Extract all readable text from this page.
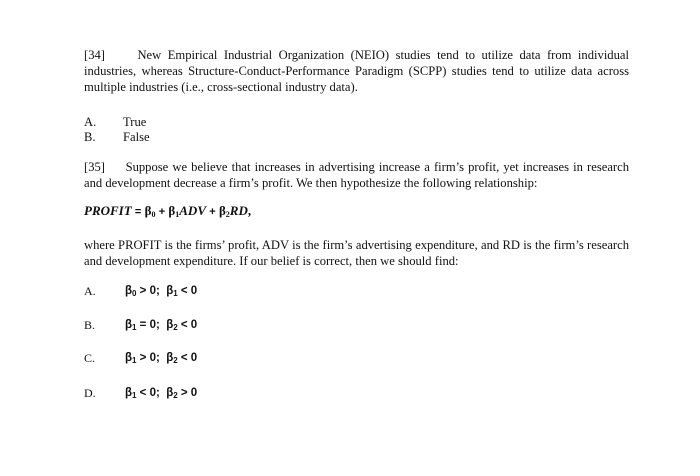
[34]	New Empirical Industrial Organization (NEIO) studies tend to utilize data from individual industries, whereas Structure-Conduct-Performance Paradigm (SCPP) studies tend to utilize data across multiple industries (i.e., cross-sectional industry data).

A. True
B. False

[35] Suppose we believe that increases in advertising increase a firm’s profit, yet increases in research and development decrease a firm’s profit. We then hypothesize the following relationship:

PROFIT = $\beta_0 + \beta_1ADV + \beta_2RD$,

where PROFIT is the firms’ profit, ADV is the firm’s advertising expenditure, and RD is the firm’s research and development expenditure. If our belief is correct, then we should find:

A.	$\beta_0 > 0$;  $\beta_1 < 0$
B.	$\beta_1 = 0$;  $\beta_2 < 0$
C.	$\beta_1 > 0$;  $\beta_2 < 0$
D.	$\beta_1 < 0$;  $\beta_2 > 0$
